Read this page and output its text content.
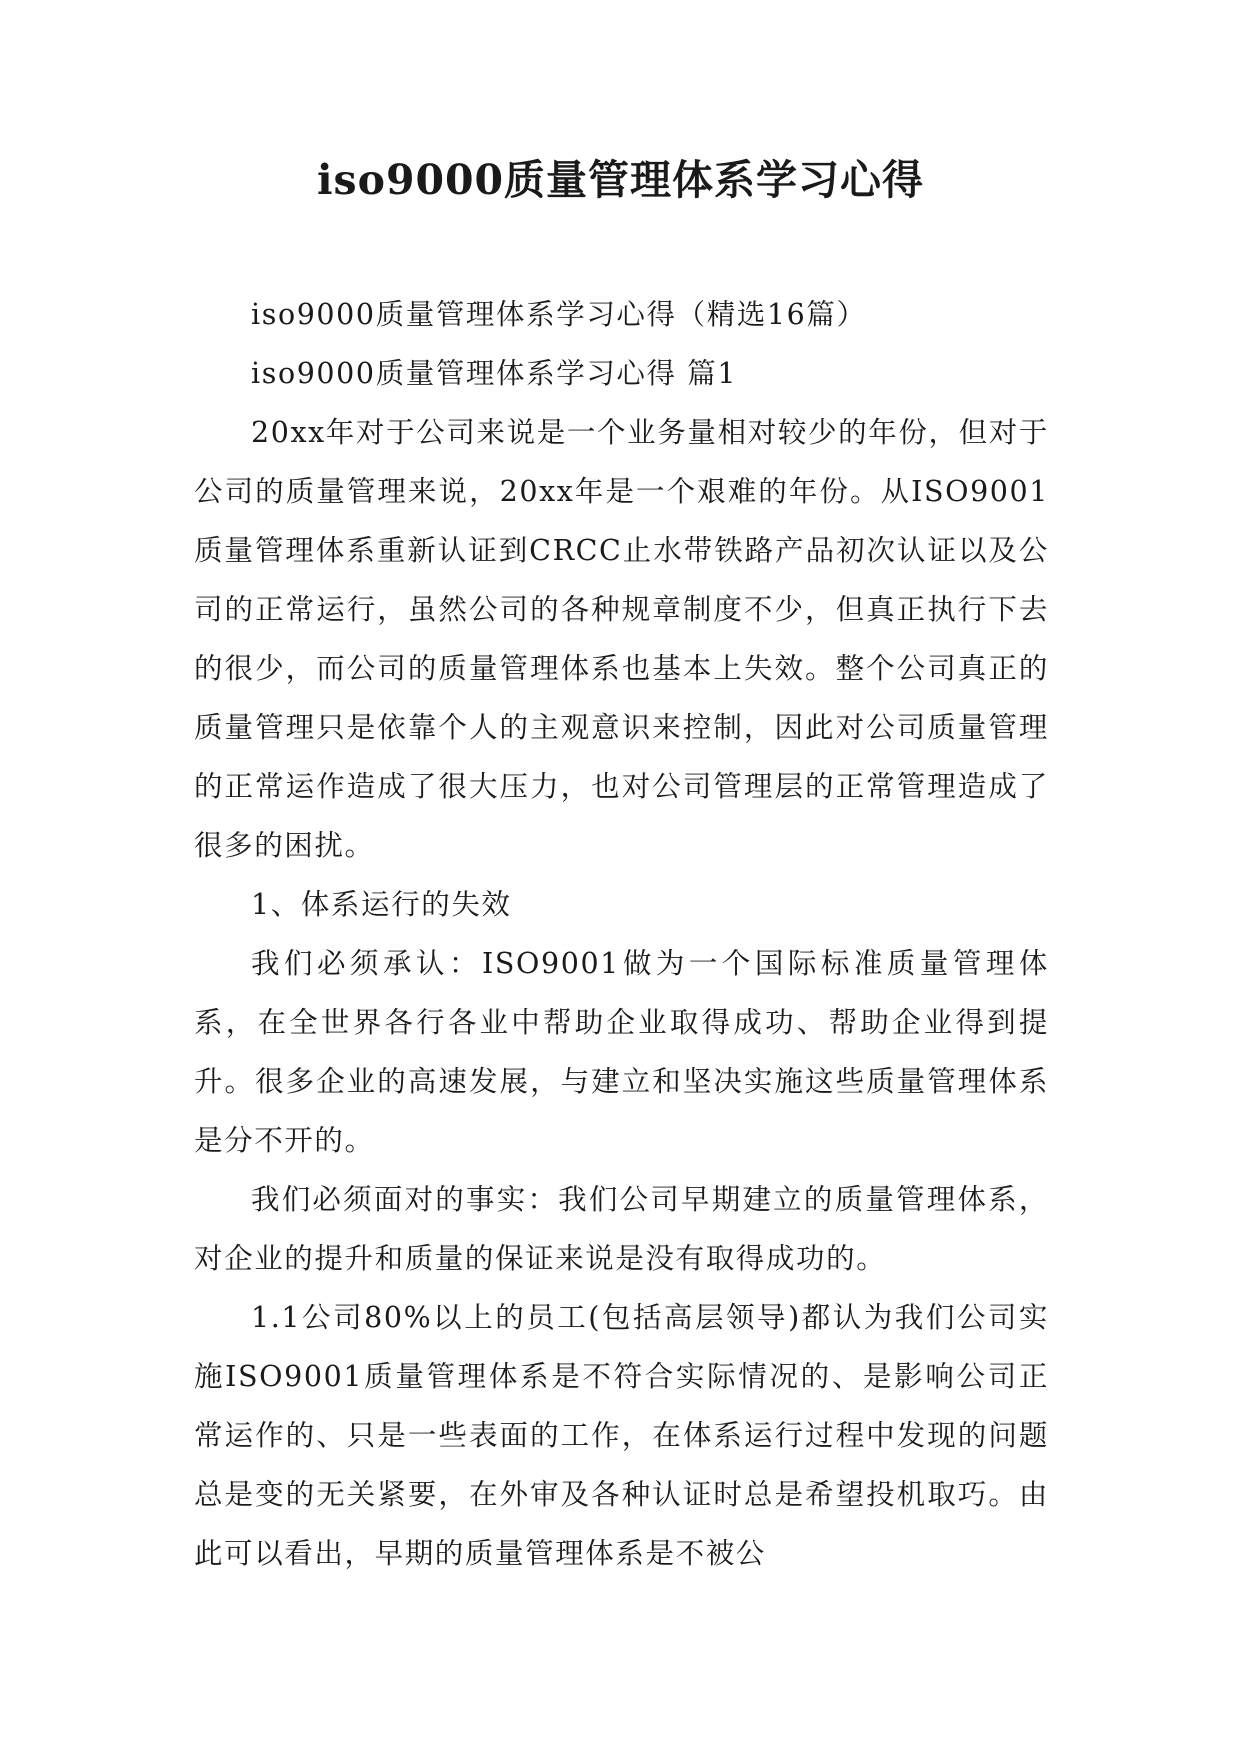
iso9000质量管理体系学习心得

iso9000质量管理体系学习心得（精选16篇）

iso9000质量管理体系学习心得 篇1

20xx年对于公司来说是一个业务量相对较少的年份，但对于公司的质量管理来说，20xx年是一个艰难的年份。从ISO9001质量管理体系重新认证到CRCC止水带铁路产品初次认证以及公司的正常运行，虽然公司的各种规章制度不少，但真正执行下去的很少，而公司的质量管理体系也基本上失效。整个公司真正的质量管理只是依靠个人的主观意识来控制，因此对公司质量管理的正常运作造成了很大压力，也对公司管理层的正常管理造成了很多的困扰。

1、体系运行的失效

我们必须承认：ISO9001做为一个国际标准质量管理体系，在全世界各行各业中帮助企业取得成功、帮助企业得到提升。很多企业的高速发展，与建立和坚决实施这些质量管理体系是分不开的。

我们必须面对的事实：我们公司早期建立的质量管理体系，对企业的提升和质量的保证来说是没有取得成功的。

1.1公司80%以上的员工(包括高层领导)都认为我们公司实施ISO9001质量管理体系是不符合实际情况的、是影响公司正常运作的、只是一些表面的工作，在体系运行过程中发现的问题总是变的无关紧要，在外审及各种认证时总是希望投机取巧。由此可以看出，早期的质量管理体系是不被公
